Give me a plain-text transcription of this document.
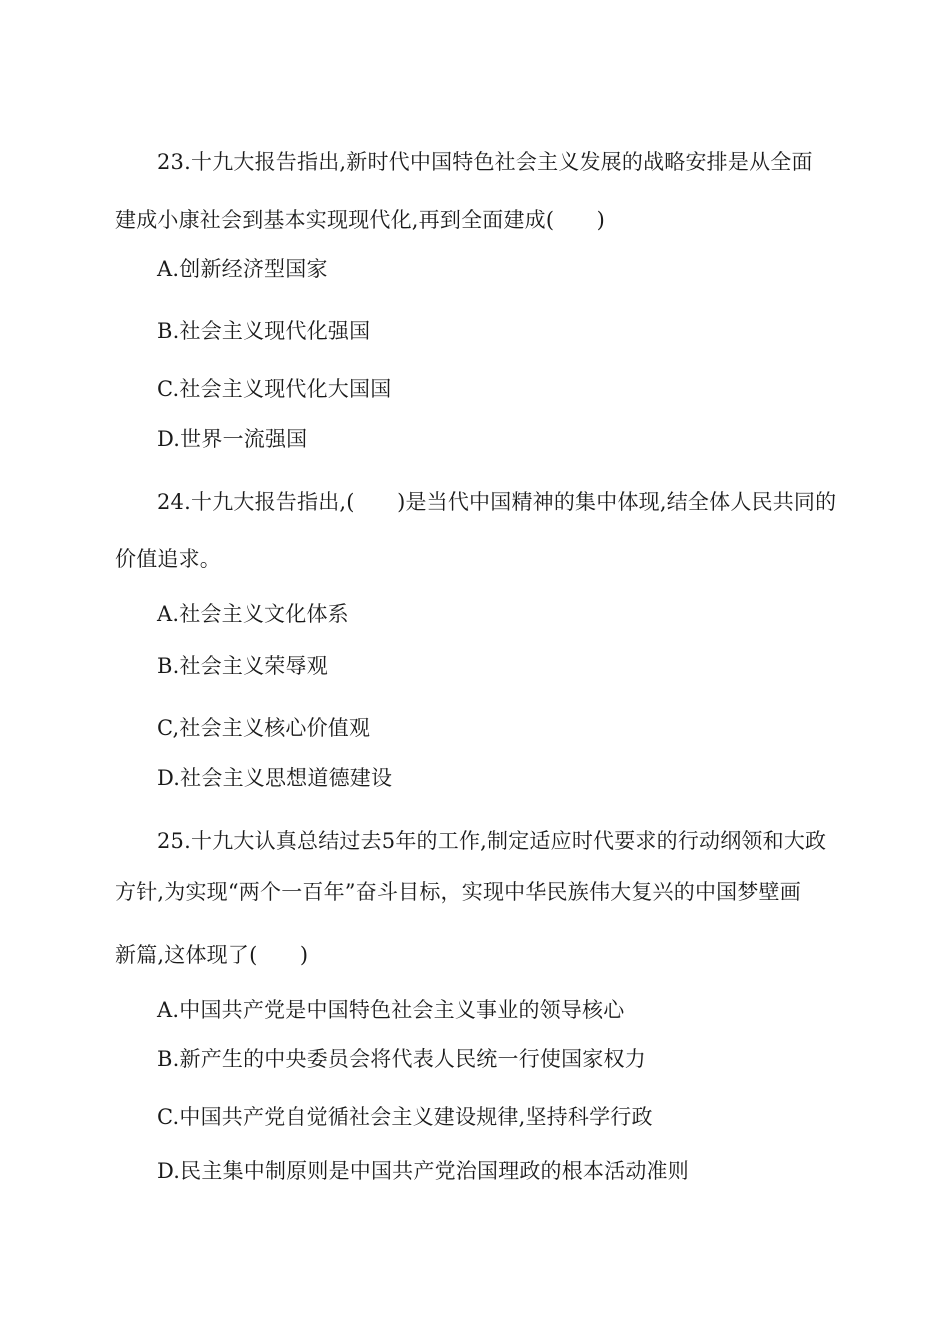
23.十九大报告指出,新时代中国特色社会主义发展的战略安排是从全面
建成小康社会到基本实现现代化,再到全面建成(　　)
A.创新经济型国家
B.社会主义现代化强国
C.社会主义现代化大国国
D.世界一流强国
24.十九大报告指出,(　　)是当代中国精神的集中体现,结全体人民共同的
价值追求。
A.社会主义文化体系
B.社会主义荣辱观
C,社会主义核心价值观
D.社会主义思想道德建设
25.十九大认真总结过去5年的工作,制定适应时代要求的行动纲领和大政
方针,为实现“两个一百年”奋斗目标，实现中华民族伟大复兴的中国梦壁画
新篇,这体现了(　　)
A.中国共产党是中国特色社会主义事业的领导核心
B.新产生的中央委员会将代表人民统一行使国家权力
C.中国共产党自觉循社会主义建设规律,坚持科学行政
D.民主集中制原则是中国共产党治国理政的根本活动准则
